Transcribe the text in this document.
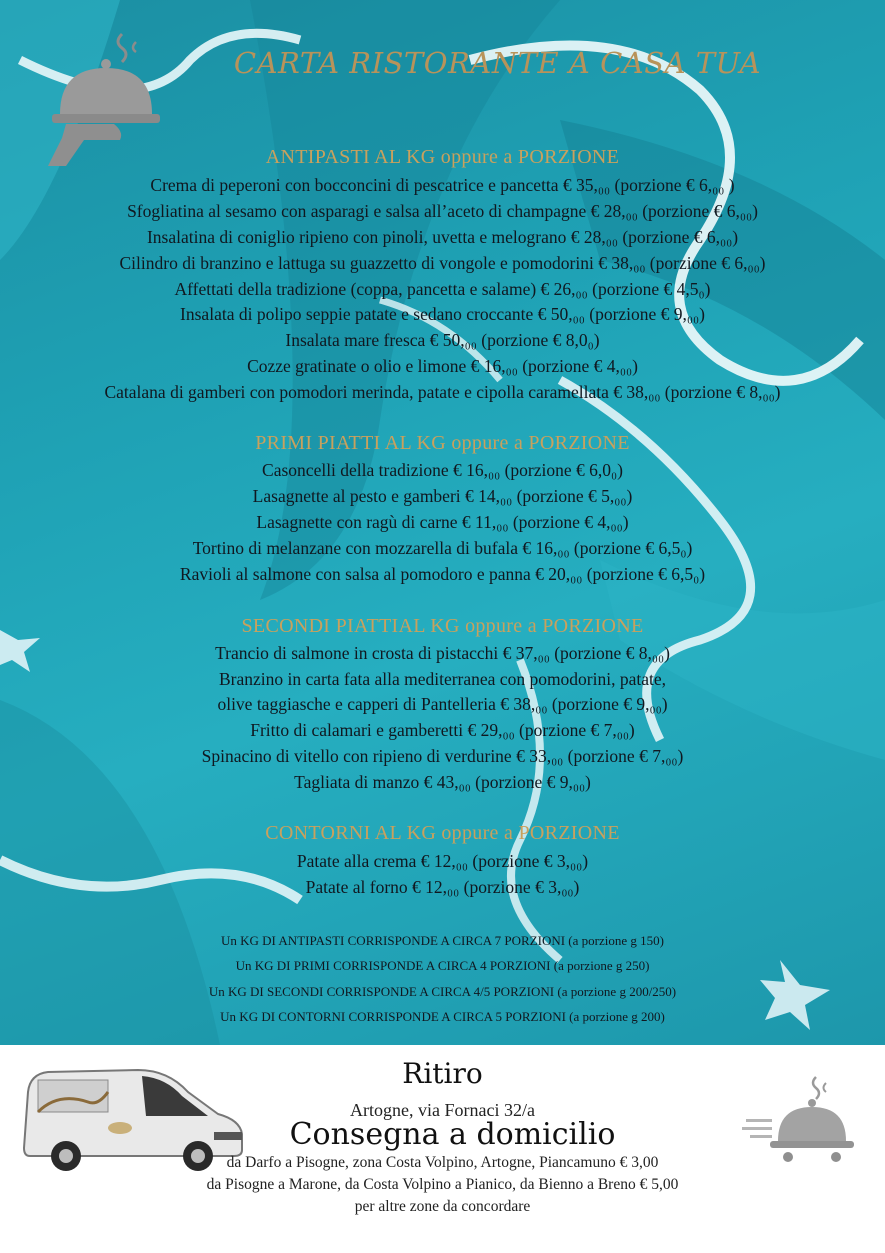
CARTA RISTORANTE A CASA TUA
ANTIPASTI AL KG oppure a PORZIONE
Crema di peperoni con bocconcini di pescatrice e pancetta € 35,₀₀ (porzione € 6,₀₀ )
Sfogliatina al sesamo con asparagi e salsa all’aceto di champagne € 28,₀₀ (porzione € 6,₀₀)
Insalatina di coniglio ripieno con pinoli, uvetta e melograno € 28,₀₀ (porzione € 6,₀₀)
Cilindro di branzino e lattuga su guazzetto di vongole e pomodorini € 38,₀₀ (porzione € 6,₀₀)
Affettati della tradizione (coppa, pancetta e salame) € 26,₀₀ (porzione € 4,5₀)
Insalata di polipo seppie patate e sedano croccante € 50,₀₀ (porzione € 9,₀₀)
Insalata mare fresca € 50,₀₀ (porzione € 8,0₀)
Cozze gratinate o olio e limone € 16,₀₀ (porzione € 4,₀₀)
Catalana di gamberi con pomodori merinda, patate e cipolla caramellata € 38,₀₀ (porzione € 8,₀₀)
PRIMI PIATTI AL KG oppure a PORZIONE
Casoncelli della tradizione € 16,₀₀ (porzione € 6,0₀)
Lasagnette al pesto e gamberi € 14,₀₀ (porzione € 5,₀₀)
Lasagnette con ragù di carne € 11,₀₀ (porzione € 4,₀₀)
Tortino di melanzane con mozzarella di bufala € 16,₀₀ (porzione € 6,5₀)
Ravioli al salmone con salsa al pomodoro e panna € 20,₀₀ (porzione € 6,5₀)
SECONDI PIATTIAL KG oppure a PORZIONE
Trancio di salmone in crosta di pistacchi € 37,₀₀ (porzione € 8,₀₀)
Branzino in carta fata alla mediterranea con pomodorini, patate,
olive taggiasche e capperi di Pantelleria € 38,₀₀ (porzione € 9,₀₀)
Fritto di calamari e gamberetti € 29,₀₀ (porzione € 7,₀₀)
Spinacino di vitello con ripieno di verdurine € 33,₀₀ (porzione € 7,₀₀)
Tagliata di manzo € 43,₀₀ (porzione € 9,₀₀)
CONTORNI AL KG oppure a PORZIONE
Patate alla crema € 12,₀₀ (porzione € 3,₀₀)
Patate al forno € 12,₀₀ (porzione € 3,₀₀)
Un KG DI ANTIPASTI CORRISPONDE A CIRCA 7 PORZIONI (a porzione g 150)
Un KG DI PRIMI CORRISPONDE A CIRCA 4 PORZIONI (a porzione g 250)
Un KG DI SECONDI CORRISPONDE A CIRCA 4/5 PORZIONI (a porzione g 200/250)
Un KG DI CONTORNI CORRISPONDE A CIRCA 5 PORZIONI (a porzione g 200)
Ritiro
Artogne, via Fornaci 32/a
Consegna a domicilio
da Darfo a Pisogne, zona Costa Volpino, Artogne, Piancamuno € 3,00
da Pisogne a Marone, da Costa Volpino a Pianico, da Bienno a Breno € 5,00
per altre zone da concordare
